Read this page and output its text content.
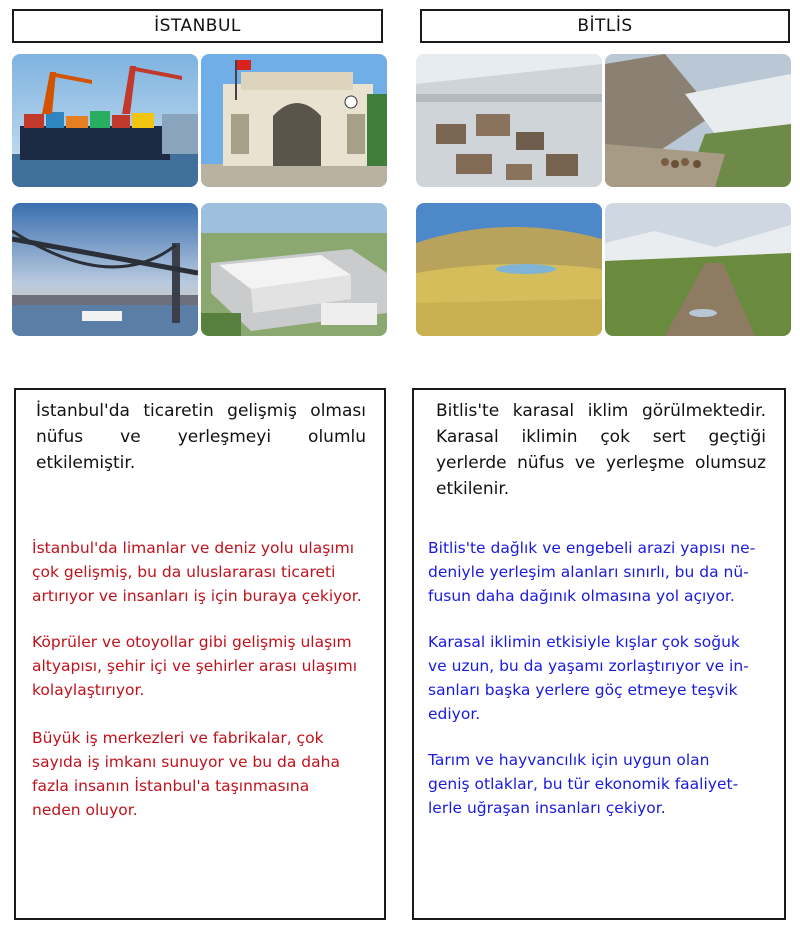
İSTANBUL	BİTLİS
İstanbul'da ticaretin gelişmiş olması nüfus ve yerleşmeyi olumlu etkilemiştir.

İstanbul'da limanlar ve deniz yolu ulaşımı
çok gelişmiş, bu da uluslararası ticareti
artırıyor ve insanları iş için buraya çekiyor.

Köprüler ve otoyollar gibi gelişmiş ulaşım
altyapısı, şehir içi ve şehirler arası ulaşımı
kolaylaştırıyor.

Büyük iş merkezleri ve fabrikalar, çok
sayıda iş imkanı sunuyor ve bu da daha
fazla insanın İstanbul'a taşınmasına
neden oluyor.

Bitlis'te karasal iklim görülmektedir. Karasal iklimin çok sert geçtiği yerlerde nüfus ve yerleşme olumsuz etkilenir.

Bitlis'te dağlık ve engebeli arazi yapısı ne-
deniyle yerleşim alanları sınırlı, bu da nü-
fusun daha dağınık olmasına yol açıyor.

Karasal iklimin etkisiyle kışlar çok soğuk
ve uzun, bu da yaşamı zorlaştırıyor ve in-
sanları başka yerlere göç etmeye teşvik
ediyor.

Tarım ve hayvancılık için uygun olan
geniş otlaklar, bu tür ekonomik faaliyet-
lerle uğraşan insanları çekiyor.
